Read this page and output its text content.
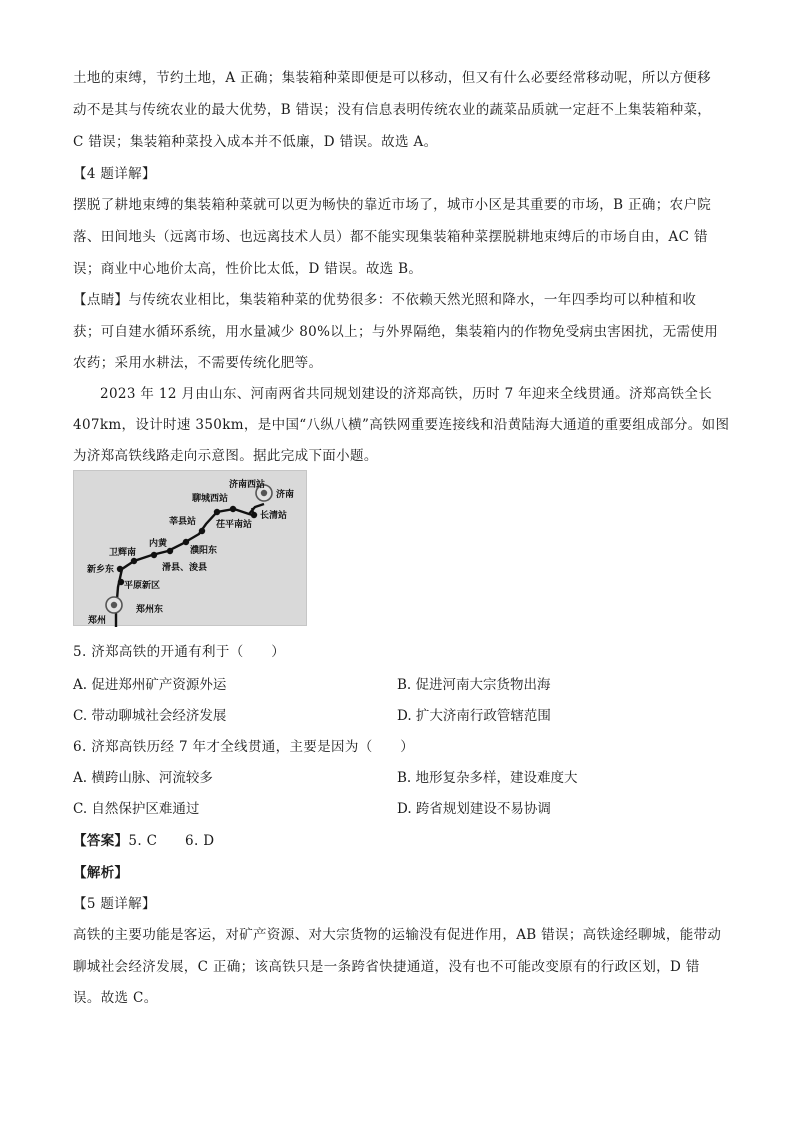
土地的束缚，节约土地，A 正确；集装箱种菜即便是可以移动，但又有什么必要经常移动呢，所以方便移
动不是其与传统农业的最大优势，B 错误；没有信息表明传统农业的蔬菜品质就一定赶不上集装箱种菜，
C 错误；集装箱种菜投入成本并不低廉，D 错误。故选 A。
【4 题详解】
摆脱了耕地束缚的集装箱种菜就可以更为畅快的靠近市场了，城市小区是其重要的市场，B 正确；农户院
落、田间地头（远离市场、也远离技术人员）都不能实现集装箱种菜摆脱耕地束缚后的市场自由，AC 错
误；商业中心地价太高，性价比太低，D 错误。故选 B。
【点睛】与传统农业相比，集装箱种菜的优势很多：不依赖天然光照和降水，一年四季均可以种植和收
获；可自建水循环系统，用水量减少 80%以上；与外界隔绝，集装箱内的作物免受病虫害困扰，无需使用
农药；采用水耕法，不需要传统化肥等。
2023 年 12 月由山东、河南两省共同规划建设的济郑高铁，历时 7 年迎来全线贯通。济郑高铁全长
407km，设计时速 350km，是中国“八纵八横”高铁网重要连接线和沿黄陆海大通道的重要组成部分。如图
为济郑高铁线路走向示意图。据此完成下面小题。
济南西站
济南
聊城西站
长清站
莘县站 茌平南站
内黄
濮阳东
卫辉南
滑县、浚县
新乡东
平原新区
郑州
郑州东
5. 济郑高铁的开通有利于（　　）
A. 促进郑州矿产资源外运	B. 促进河南大宗货物出海
C. 带动聊城社会经济发展	D. 扩大济南行政管辖范围
6. 济郑高铁历经 7 年才全线贯通，主要是因为（　　）
A. 横跨山脉、河流较多	B. 地形复杂多样，建设难度大
C. 自然保护区难通过	D. 跨省规划建设不易协调
【答案】5. C　　6. D
【解析】
【5 题详解】
高铁的主要功能是客运，对矿产资源、对大宗货物的运输没有促进作用，AB 错误；高铁途经聊城，能带动
聊城社会经济发展，C 正确；该高铁只是一条跨省快捷通道，没有也不可能改变原有的行政区划，D 错
误。故选 C。
